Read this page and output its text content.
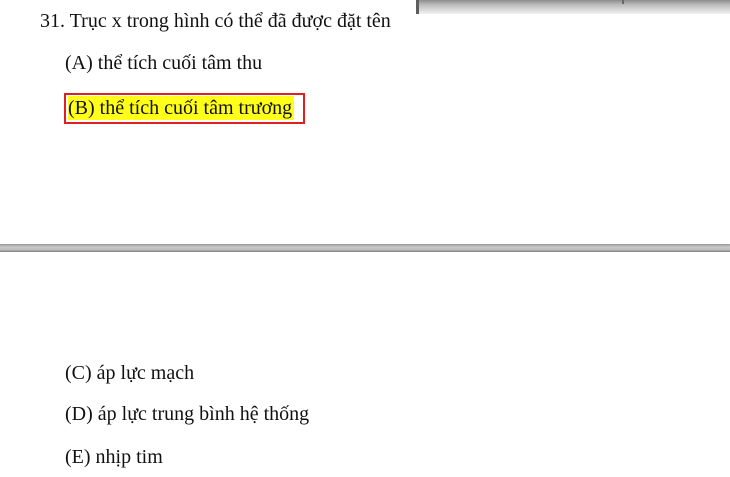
31. Trục x trong hình có thể đã được đặt tên

(A) thể tích cuối tâm thu

(B) thể tích cuối tâm trương

(C) áp lực mạch

(D) áp lực trung bình hệ thống

(E) nhịp tim
